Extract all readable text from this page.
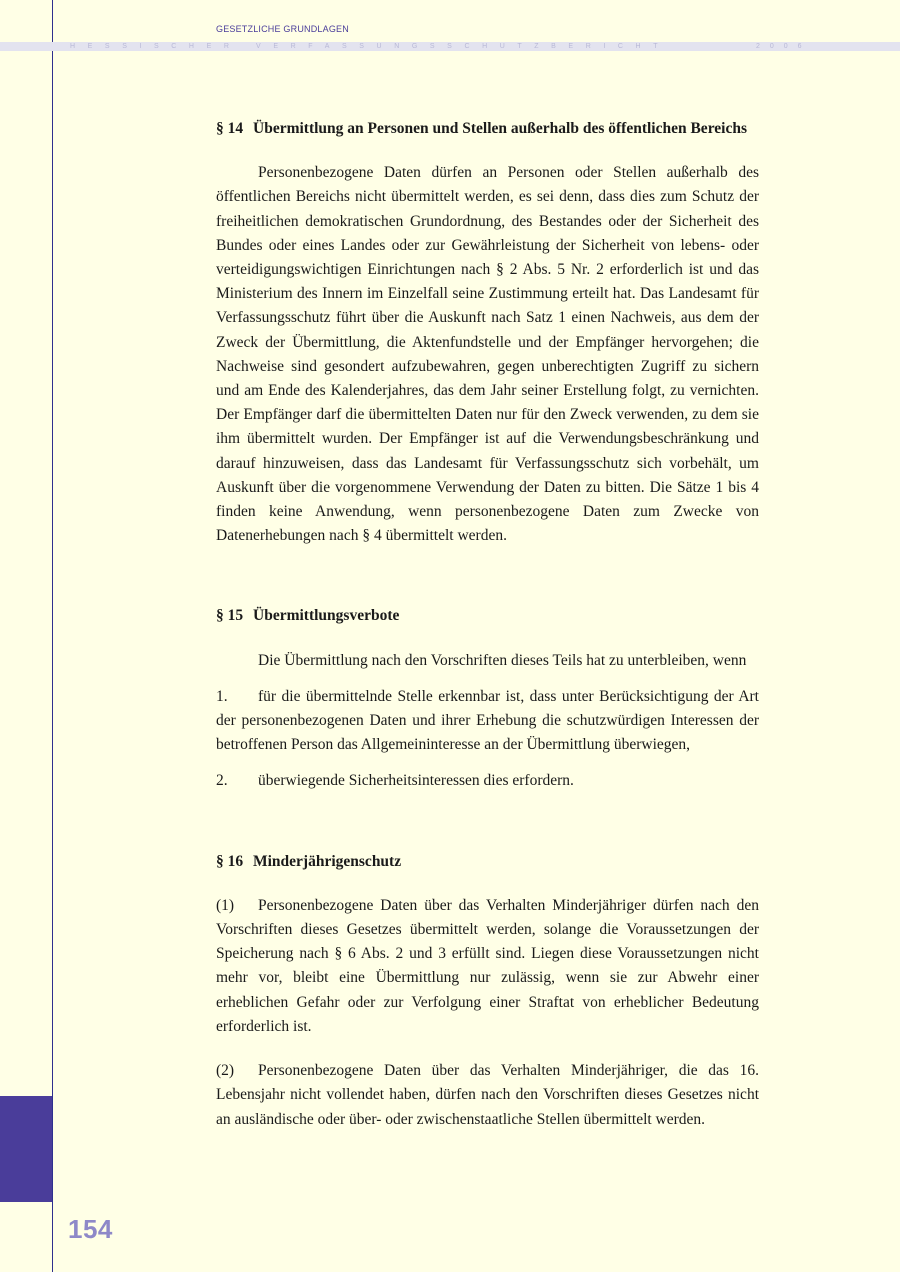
154
GESETZLICHE GRUNDLAGEN
HESSISCHER VERFASSUNGSSCHUTZBERICHT	2006
§ 14 Übermittlung an Personen und Stellen außerhalb des öffentlichen Bereichs

Personenbezogene Daten dürfen an Personen oder Stellen außerhalb des öffentlichen Bereichs nicht übermittelt werden, es sei denn, dass dies zum Schutz der freiheitlichen demokratischen Grundordnung, des Bestandes oder der Sicherheit des Bundes oder eines Landes oder zur Gewährleistung der Sicherheit von lebens- oder verteidigungswichtigen Einrichtungen nach § 2 Abs. 5 Nr. 2 erforderlich ist und das Ministerium des Innern im Einzelfall seine Zustimmung erteilt hat. Das Landesamt für Verfassungsschutz führt über die Auskunft nach Satz 1 einen Nachweis, aus dem der Zweck der Übermittlung, die Aktenfundstelle und der Empfänger hervorgehen; die Nachweise sind gesondert aufzubewahren, gegen unberechtigten Zugriff zu sichern und am Ende des Kalenderjahres, das dem Jahr seiner Erstellung folgt, zu vernichten. Der Empfänger darf die übermittelten Daten nur für den Zweck verwenden, zu dem sie ihm übermittelt wurden. Der Empfänger ist auf die Verwendungsbeschränkung und darauf hinzuweisen, dass das Landesamt für Verfassungsschutz sich vorbehält, um Auskunft über die vorgenommene Verwendung der Daten zu bitten. Die Sätze 1 bis 4 finden keine Anwendung, wenn personenbezogene Daten zum Zwecke von Datenerhebungen nach § 4 übermittelt werden.

§ 15 Übermittlungsverbote

Die Übermittlung nach den Vorschriften dieses Teils hat zu unterbleiben, wenn

1. für die übermittelnde Stelle erkennbar ist, dass unter Berücksichtigung der Art der personenbezogenen Daten und ihrer Erhebung die schutzwürdigen Interessen der betroffenen Person das Allgemeininteresse an der Übermittlung überwiegen,

2. überwiegende Sicherheitsinteressen dies erfordern.

§ 16 Minderjährigenschutz

(1) Personenbezogene Daten über das Verhalten Minderjähriger dürfen nach den Vorschriften dieses Gesetzes übermittelt werden, solange die Voraussetzungen der Speicherung nach § 6 Abs. 2 und 3 erfüllt sind. Liegen diese Voraussetzungen nicht mehr vor, bleibt eine Übermittlung nur zulässig, wenn sie zur Abwehr einer erheblichen Gefahr oder zur Verfolgung einer Straftat von erheblicher Bedeutung erforderlich ist.

(2) Personenbezogene Daten über das Verhalten Minderjähriger, die das 16. Lebensjahr nicht vollendet haben, dürfen nach den Vorschriften dieses Gesetzes nicht an ausländische oder über- oder zwischenstaatliche Stellen übermittelt werden.
